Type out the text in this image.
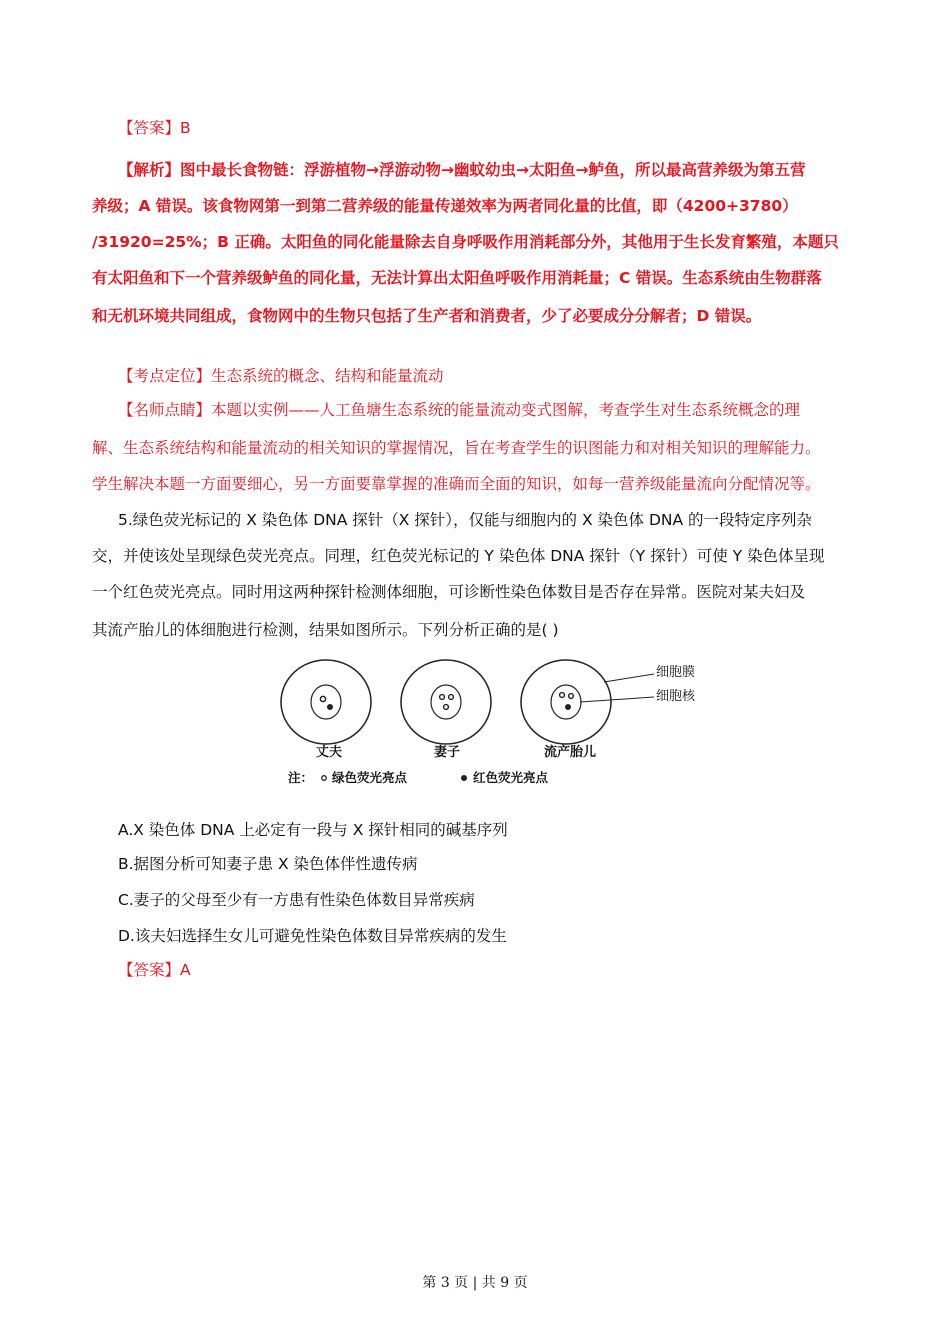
【答案】B
【解析】图中最长食物链：浮游植物→浮游动物→幽蚊幼虫→太阳鱼→鲈鱼，所以最高营养级为第五营
养级；A 错误。该食物网第一到第二营养级的能量传递效率为两者同化量的比值，即（4200+3780）
/31920=25%；B 正确。太阳鱼的同化能量除去自身呼吸作用消耗部分外，其他用于生长发育繁殖，本题只
有太阳鱼和下一个营养级鲈鱼的同化量，无法计算出太阳鱼呼吸作用消耗量；C 错误。生态系统由生物群落
和无机环境共同组成，食物网中的生物只包括了生产者和消费者，少了必要成分分解者；D 错误。
【考点定位】生态系统的概念、结构和能量流动
【名师点睛】本题以实例——人工鱼塘生态系统的能量流动变式图解，考查学生对生态系统概念的理
解、生态系统结构和能量流动的相关知识的掌握情况，旨在考查学生的识图能力和对相关知识的理解能力。
学生解决本题一方面要细心，另一方面要靠掌握的准确而全面的知识，如每一营养级能量流向分配情况等。
5.绿色荧光标记的 X 染色体 DNA 探针（X 探针），仅能与细胞内的 X 染色体 DNA 的一段特定序列杂
交，并使该处呈现绿色荧光亮点。同理，红色荧光标记的 Y 染色体 DNA 探针（Y 探针）可使 Y 染色体呈现
一个红色荧光亮点。同时用这两种探针检测体细胞，可诊断性染色体数目是否存在异常。医院对某夫妇及
其流产胎儿的体细胞进行检测，结果如图所示。下列分析正确的是( )
丈夫	妻子	流产胎儿
细胞膜
细胞核
注： 绿色荧光亮点	红色荧光亮点
A.X 染色体 DNA 上必定有一段与 X 探针相同的碱基序列
B.据图分析可知妻子患 X 染色体伴性遗传病
C.妻子的父母至少有一方患有性染色体数目异常疾病
D.该夫妇选择生女儿可避免性染色体数目异常疾病的发生
【答案】A
第 3 页 | 共 9 页
